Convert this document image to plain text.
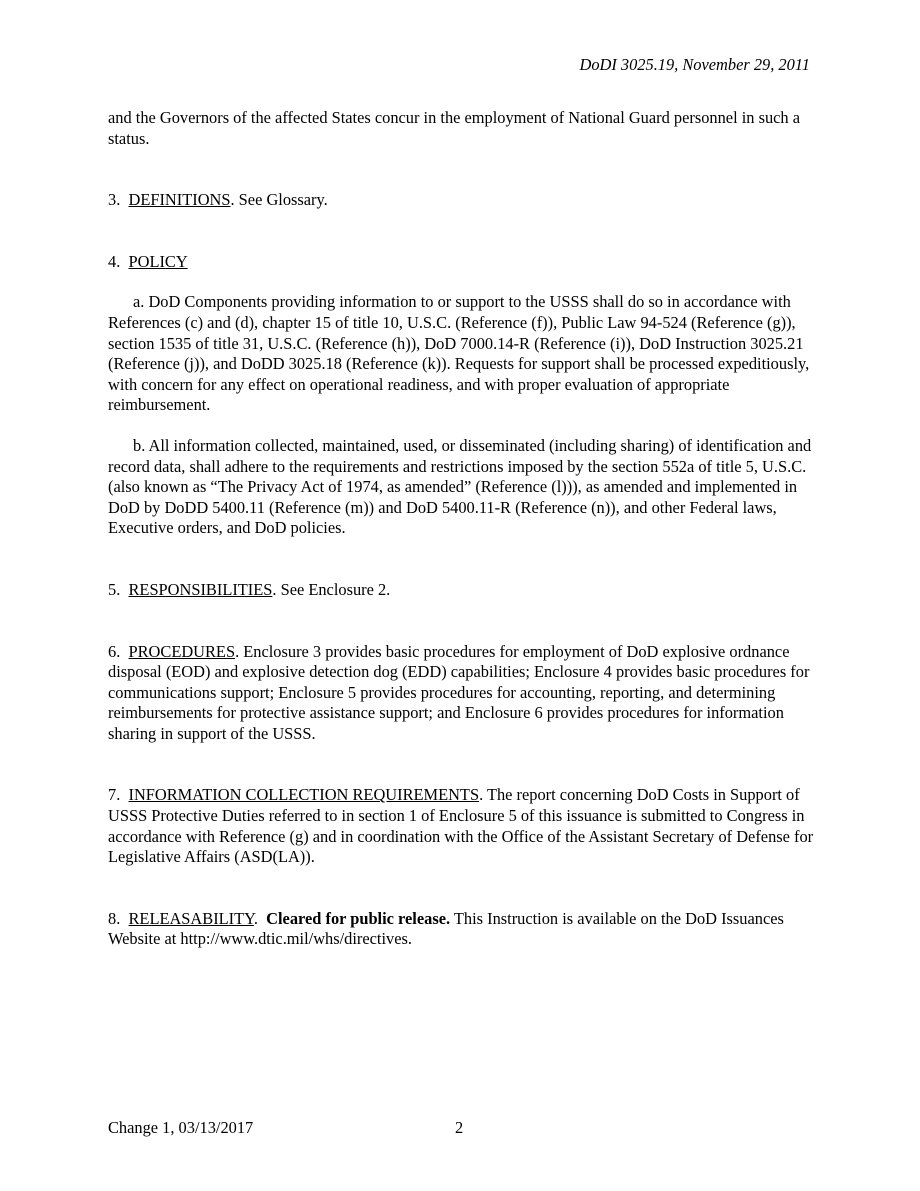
DoDI 3025.19, November 29, 2011

and the Governors of the affected States concur in the employment of National Guard personnel in such a status.

3. DEFINITIONS. See Glossary.

4. POLICY

a. DoD Components providing information to or support to the USSS shall do so in accordance with References (c) and (d), chapter 15 of title 10, U.S.C. (Reference (f)), Public Law 94-524 (Reference (g)), section 1535 of title 31, U.S.C. (Reference (h)), DoD 7000.14-R (Reference (i)), DoD Instruction 3025.21 (Reference (j)), and DoDD 3025.18 (Reference (k)). Requests for support shall be processed expeditiously, with concern for any effect on operational readiness, and with proper evaluation of appropriate reimbursement.

b. All information collected, maintained, used, or disseminated (including sharing) of identification and record data, shall adhere to the requirements and restrictions imposed by the section 552a of title 5, U.S.C. (also known as “The Privacy Act of 1974, as amended” (Reference (l))), as amended and implemented in DoD by DoDD 5400.11 (Reference (m)) and DoD 5400.11-R (Reference (n)), and other Federal laws, Executive orders, and DoD policies.

5. RESPONSIBILITIES. See Enclosure 2.

6. PROCEDURES. Enclosure 3 provides basic procedures for employment of DoD explosive ordnance disposal (EOD) and explosive detection dog (EDD) capabilities; Enclosure 4 provides basic procedures for communications support; Enclosure 5 provides procedures for accounting, reporting, and determining reimbursements for protective assistance support; and Enclosure 6 provides procedures for information sharing in support of the USSS.

7. INFORMATION COLLECTION REQUIREMENTS. The report concerning DoD Costs in Support of USSS Protective Duties referred to in section 1 of Enclosure 5 of this issuance is submitted to Congress in accordance with Reference (g) and in coordination with the Office of the Assistant Secretary of Defense for Legislative Affairs (ASD(LA)).

8. RELEASABILITY.  Cleared for public release. This Instruction is available on the DoD Issuances Website at http://www.dtic.mil/whs/directives.

Change 1, 03/13/2017	2
